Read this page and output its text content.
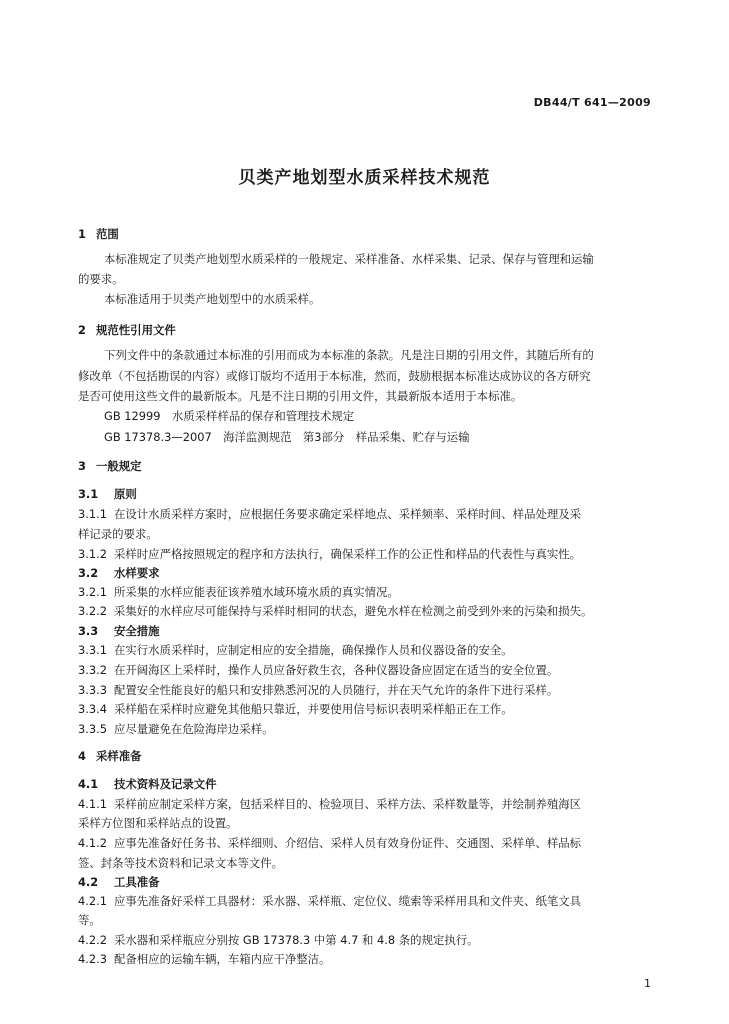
DB44/T 641—2009
贝类产地划型水质采样技术规范
1 范围
本标准规定了贝类产地划型水质采样的一般规定、采样准备、水样采集、记录、保存与管理和运输
的要求。
本标准适用于贝类产地划型中的水质采样。
2 规范性引用文件
下列文件中的条款通过本标准的引用而成为本标准的条款。凡是注日期的引用文件，其随后所有的
修改单（不包括勘误的内容）或修订版均不适用于本标准，然而，鼓励根据本标准达成协议的各方研究
是否可使用这些文件的最新版本。凡是不注日期的引用文件，其最新版本适用于本标准。
GB 12999　水质采样样品的保存和管理技术规定
GB 17378.3—2007　海洋监测规范　第3部分　样品采集、贮存与运输
3 一般规定
3.1 原则
3.1.1 在设计水质采样方案时，应根据任务要求确定采样地点、采样频率、采样时间、样品处理及采
样记录的要求。
3.1.2 采样时应严格按照规定的程序和方法执行，确保采样工作的公正性和样品的代表性与真实性。
3.2 水样要求
3.2.1 所采集的水样应能表征该养殖水域环境水质的真实情况。
3.2.2 采集好的水样应尽可能保持与采样时相同的状态，避免水样在检测之前受到外来的污染和损失。
3.3 安全措施
3.3.1 在实行水质采样时，应制定相应的安全措施，确保操作人员和仪器设备的安全。
3.3.2 在开阔海区上采样时，操作人员应备好救生衣，各种仪器设备应固定在适当的安全位置。
3.3.3 配置安全性能良好的船只和安排熟悉河况的人员随行，并在天气允许的条件下进行采样。
3.3.4 采样船在采样时应避免其他船只靠近，并要使用信号标识表明采样船正在工作。
3.3.5 应尽量避免在危险海岸边采样。
4 采样准备
4.1 技术资料及记录文件
4.1.1 采样前应制定采样方案，包括采样目的、检验项目、采样方法、采样数量等，并绘制养殖海区
采样方位图和采样站点的设置。
4.1.2 应事先准备好任务书、采样细则、介绍信、采样人员有效身份证件、交通图、采样单、样品标
签、封条等技术资料和记录文本等文件。
4.2 工具准备
4.2.1 应事先准备好采样工具器材：采水器、采样瓶、定位仪、缆索等采样用具和文件夹、纸笔文具
等。
4.2.2 采水器和采样瓶应分别按 GB 17378.3 中第 4.7 和 4.8 条的规定执行。
4.2.3 配备相应的运输车辆，车箱内应干净整洁。
1
